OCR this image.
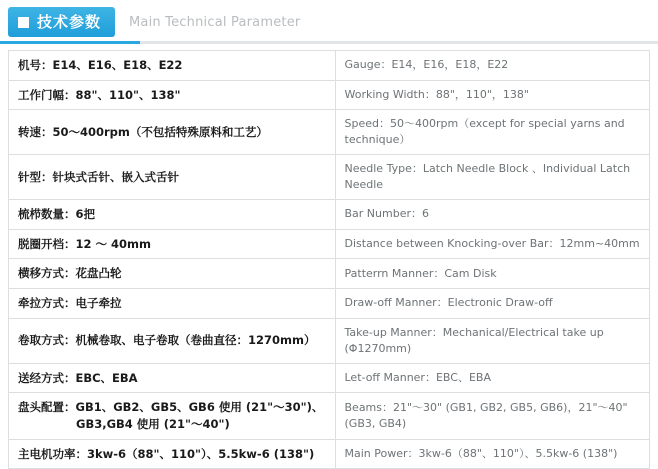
技术参数 Main Technical Parameter
机号：E14、E16、E18、E22	Gauge：E14，E16，E18，E22
工作门幅：88"、110"、138"	Working Width：88"，110"，138"
转速：50～400rpm（不包括特殊原料和工艺）	Speed：50～400rpm（except for special yarns and technique）
针型：针块式舌针、嵌入式舌针	Needle Type：Latch Needle Block 、Individual Latch Needle
梳栉数量：6把	Bar Number：6
脱圈开档：12 ～ 40mm	Distance between Knocking-over Bar：12mm~40mm
横移方式：花盘凸轮	Patterrn Manner：Cam Disk
牵拉方式：电子牵拉	Draw-off Manner：Electronic Draw-off
卷取方式：机械卷取、电子卷取（卷曲直径：1270mm）	Take-up Manner：Mechanical/Electrical take up (Φ1270mm)
送经方式：EBC、EBA	Let-off Manner：EBC、EBA

盘头配置：GB1、GB2、GB5、GB6 使用 (21"～30")、
GB3,GB4 使用 (21"～40")	Beams：21"～30" (GB1, GB2, GB5, GB6)，21"～40" (GB3, GB4)
主电机功率：3kw-6（88"、110"）、5.5kw-6 (138")	Main Power：3kw-6（88"、110"）、5.5kw-6 (138")
